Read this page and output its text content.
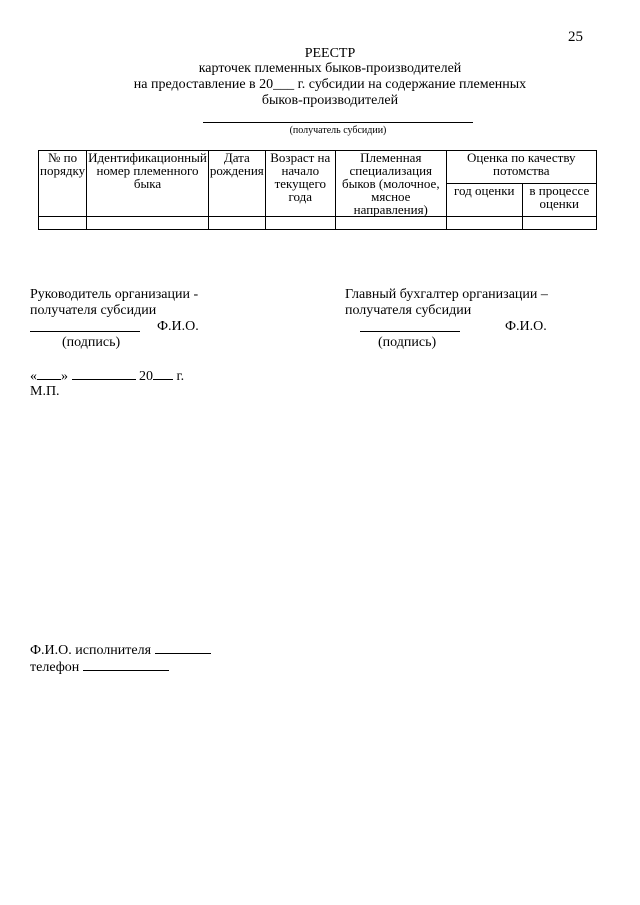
25
РЕЕСТР
карточек племенных быков-производителей
на предоставление в 20___ г. субсидии на содержание племенных
быков-производителей
(получатель субсидии)
№ по порядку	Идентификационный номер племенного быка	Дата рождения	Возраст на начало текущего года	Племенная специализация быков (молочное, мясное направления)	Оценка по качеству потомства	
					год оценки	в процессе оценки

Руководитель организации -
получателя субсидии
Ф.И.О.
(подпись)
Главный бухгалтер организации –
получателя субсидии
Ф.И.О.
(подпись)
« »	20 г.
М.П.
Ф.И.О. исполнителя
телефон
